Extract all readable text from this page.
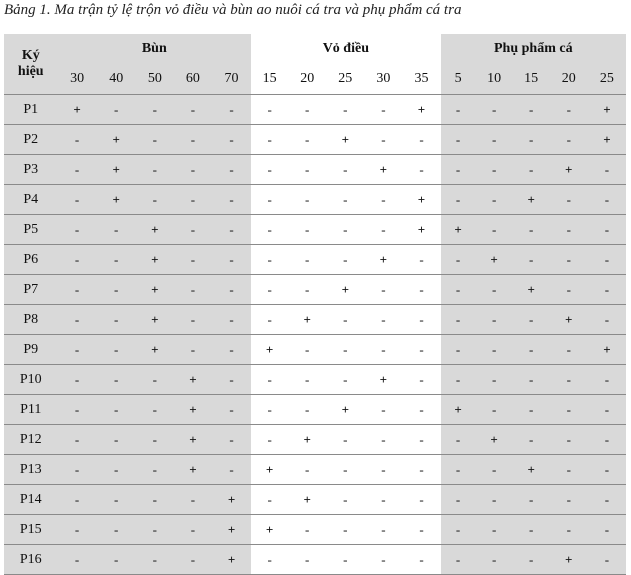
Bảng 1. Ma trận tỷ lệ trộn vỏ điều và bùn ao nuôi cá tra và phụ phẩm cá tra
Ký
hiệu	Bùn					Vỏ điều					Phụ phẩm cá				
	30	40	50	60	70	15	20	25	30	35	5	10	15	20	25
P1	+	-	-	-	-	-	-	-	-	+	-	-	-	-	+
P2	-	+	-	-	-	-	-	+	-	-	-	-	-	-	+
P3	-	+	-	-	-	-	-	-	+	-	-	-	-	+	-
P4	-	+	-	-	-	-	-	-	-	+	-	-	+	-	-
P5	-	-	+	-	-	-	-	-	-	+	+	-	-	-	-
P6	-	-	+	-	-	-	-	-	+	-	-	+	-	-	-
P7	-	-	+	-	-	-	-	+	-	-	-	-	+	-	-
P8	-	-	+	-	-	-	+	-	-	-	-	-	-	+	-
P9	-	-	+	-	-	+	-	-	-	-	-	-	-	-	+
P10	-	-	-	+	-	-	-	-	+	-	-	-	-	-	-
P11	-	-	-	+	-	-	-	+	-	-	+	-	-	-	-
P12	-	-	-	+	-	-	+	-	-	-	-	+	-	-	-
P13	-	-	-	+	-	+	-	-	-	-	-	-	+	-	-
P14	-	-	-	-	+	-	+	-	-	-	-	-	-	-	-
P15	-	-	-	-	+	+	-	-	-	-	-	-	-	-	-
P16	-	-	-	-	+	-	-	-	-	-	-	-	-	+	-
